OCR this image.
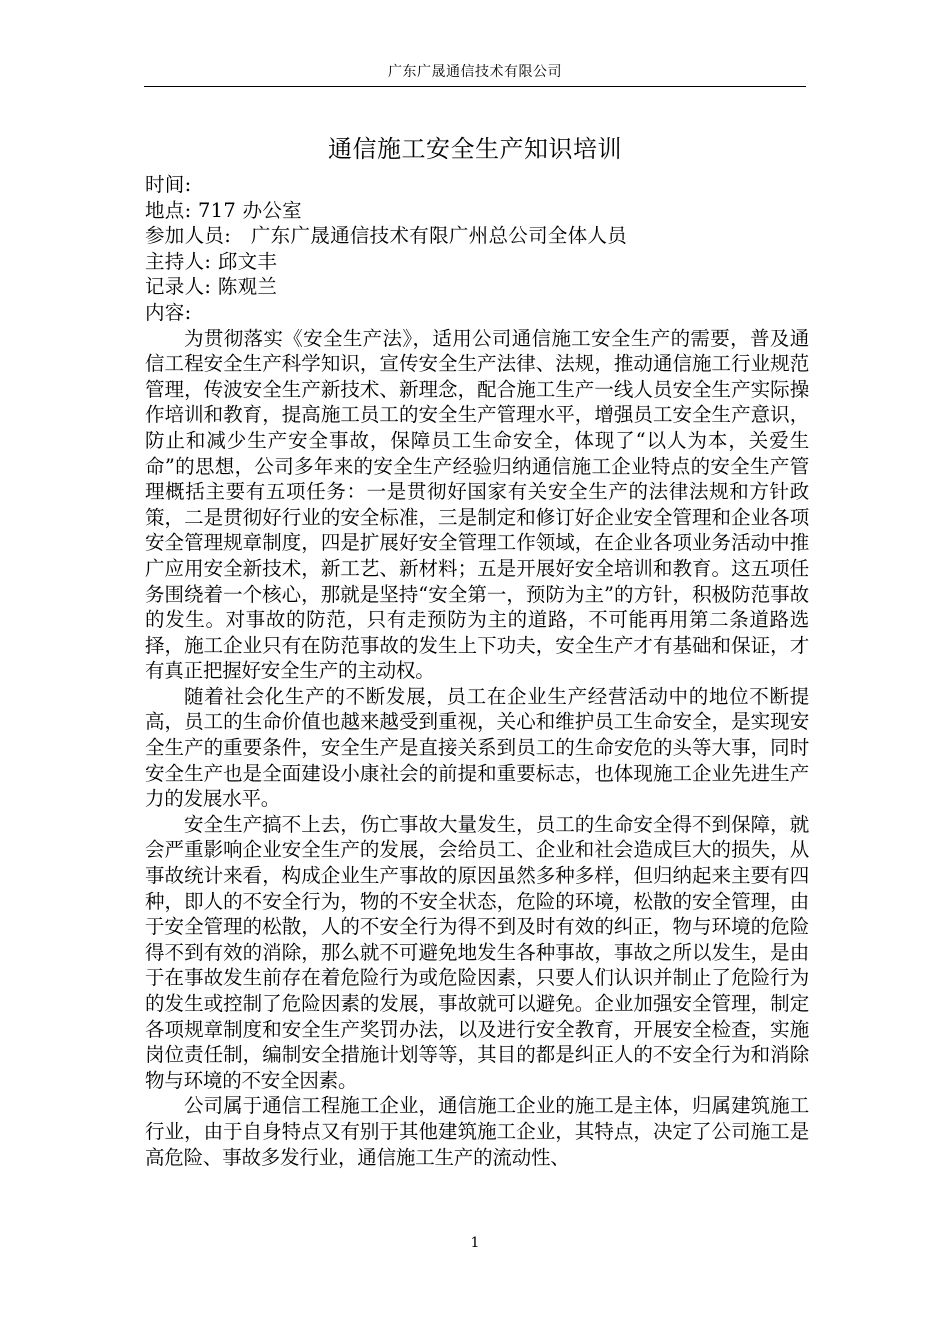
广东广晟通信技术有限公司
通信施工安全生产知识培训
时间:
地点: 717 办公室
参加人员:　广东广晟通信技术有限广州总公司全体人员
主持人: 邱文丰
记录人: 陈观兰
内容:

为贯彻落实《安全生产法》，适用公司通信施工安全生产的需要，普及通信工程安全生产科学知识，宣传安全生产法律、法规，推动通信施工行业规范管理，传波安全生产新技术、新理念，配合施工生产一线人员安全生产实际操作培训和教育，提高施工员工的安全生产管理水平，增强员工安全生产意识，防止和减少生产安全事故，保障员工生命安全，体现了“以人为本，关爱生命”的思想，公司多年来的安全生产经验归纳通信施工企业特点的安全生产管理概括主要有五项任务：一是贯彻好国家有关安全生产的法律法规和方针政策，二是贯彻好行业的安全标准，三是制定和修订好企业安全管理和企业各项安全管理规章制度，四是扩展好安全管理工作领域，在企业各项业务活动中推广应用安全新技术，新工艺、新材料；五是开展好安全培训和教育。这五项任务围绕着一个核心，那就是坚持“安全第一，预防为主”的方针，积极防范事故的发生。对事故的防范，只有走预防为主的道路，不可能再用第二条道路选择，施工企业只有在防范事故的发生上下功夫，安全生产才有基础和保证，才有真正把握好安全生产的主动权。

随着社会化生产的不断发展，员工在企业生产经营活动中的地位不断提高，员工的生命价值也越来越受到重视，关心和维护员工生命安全，是实现安全生产的重要条件，安全生产是直接关系到员工的生命安危的头等大事，同时安全生产也是全面建设小康社会的前提和重要标志，也体现施工企业先进生产力的发展水平。

安全生产搞不上去，伤亡事故大量发生，员工的生命安全得不到保障，就会严重影响企业安全生产的发展，会给员工、企业和社会造成巨大的损失，从事故统计来看，构成企业生产事故的原因虽然多种多样，但归纳起来主要有四种，即人的不安全行为，物的不安全状态，危险的环境，松散的安全管理，由于安全管理的松散，人的不安全行为得不到及时有效的纠正，物与环境的危险得不到有效的消除，那么就不可避免地发生各种事故，事故之所以发生，是由于在事故发生前存在着危险行为或危险因素，只要人们认识并制止了危险行为的发生或控制了危险因素的发展，事故就可以避免。企业加强安全管理，制定各项规章制度和安全生产奖罚办法，以及进行安全教育，开展安全检查，实施岗位责任制，编制安全措施计划等等，其目的都是纠正人的不安全行为和消除物与环境的不安全因素。

公司属于通信工程施工企业，通信施工企业的施工是主体，归属建筑施工行业，由于自身特点又有别于其他建筑施工企业，其特点，决定了公司施工是高危险、事故多发行业，通信施工生产的流动性、

1
